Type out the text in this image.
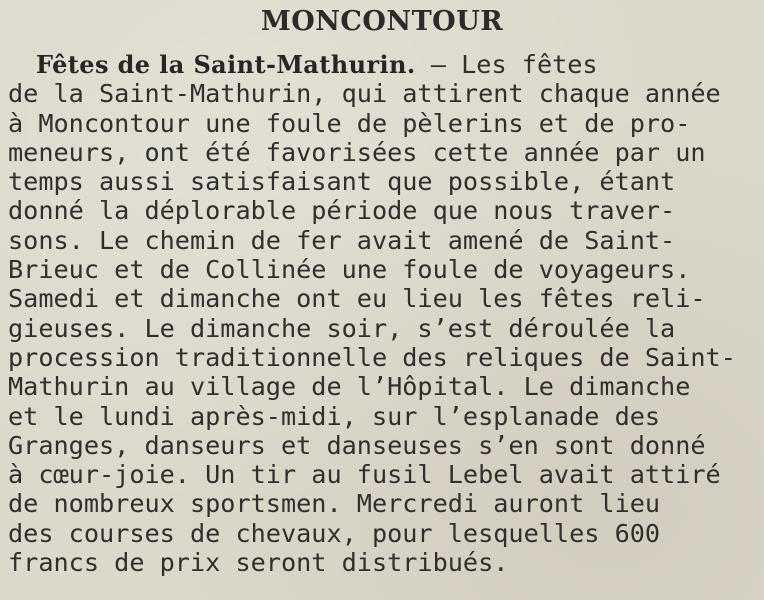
MONCONTOUR
Fêtes de la Saint-Mathurin. — Les fêtes
de la Saint-Mathurin, qui attirent chaque année
à Moncontour une foule de pèlerins et de pro-
meneurs, ont été favorisées cette année par un
temps aussi satisfaisant que possible, étant
donné la déplorable période que nous traver-
sons. Le chemin de fer avait amené de Saint-
Brieuc et de Collinée une foule de voyageurs.
Samedi et dimanche ont eu lieu les fêtes reli-
gieuses. Le dimanche soir, s’est déroulée la
procession traditionnelle des reliques de Saint-
Mathurin au village de l’Hôpital. Le dimanche
et le lundi après-midi, sur l’esplanade des
Granges, danseurs et danseuses s’en sont donné
à cœur-joie. Un tir au fusil Lebel avait attiré
de nombreux sportsmen. Mercredi auront lieu
des courses de chevaux, pour lesquelles 600
francs de prix seront distribués.
